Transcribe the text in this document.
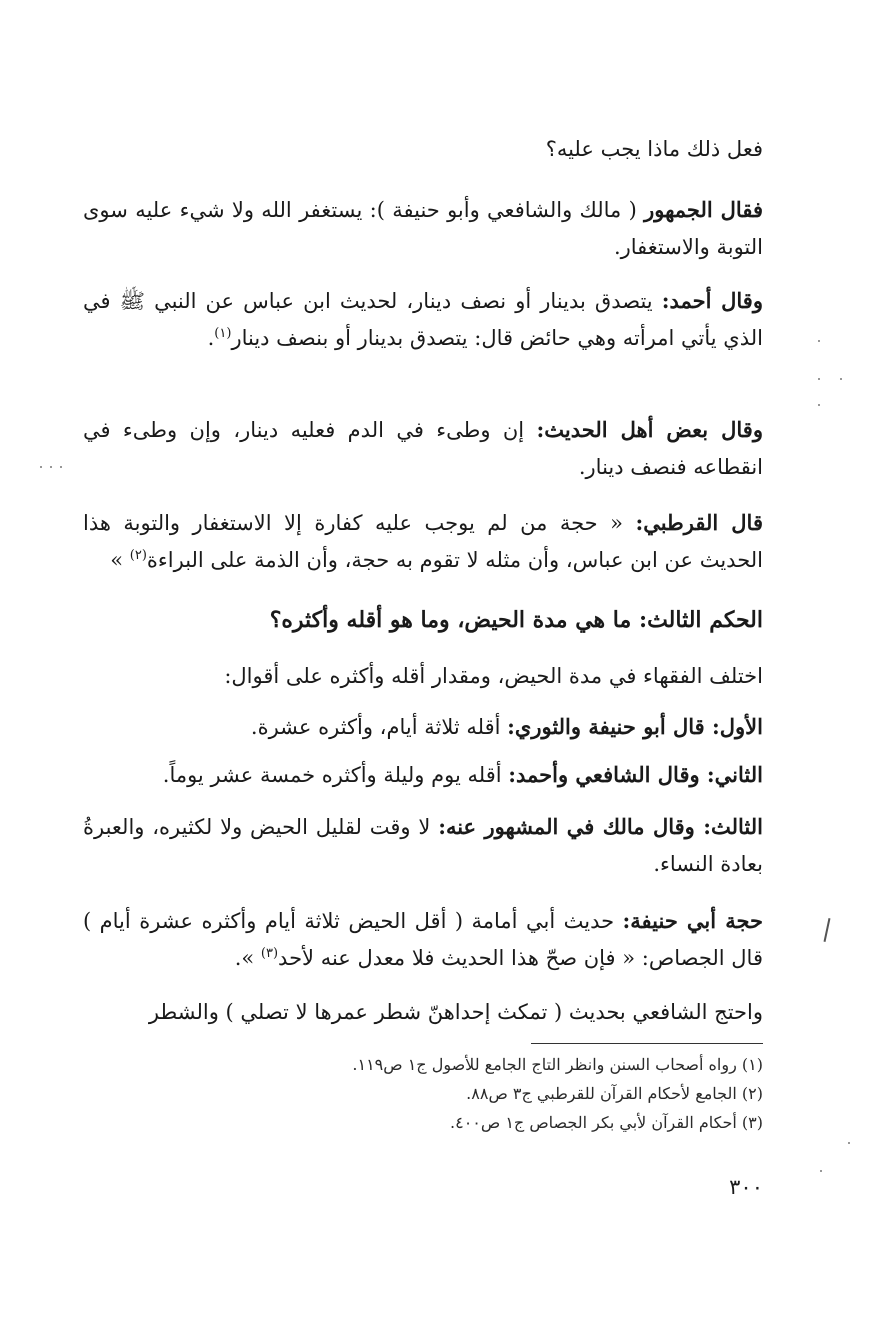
فعل ذلك ماذا يجب عليه؟

فقال الجمهور ( مالك والشافعي وأبو حنيفة ): يستغفر الله ولا شيء عليه سوى التوبة والاستغفار.

وقال أحمد: يتصدق بدينار أو نصف دينار، لحديث ابن عباس عن النبي ﷺ في الذي يأتي امرأته وهي حائض قال: يتصدق بدينار أو بنصف دينار$^{(١)}$.

وقال بعض أهل الحديث: إن وطىء في الدم فعليه دينار، وإن وطىء في انقطاعه فنصف دينار.

قال القرطبي: « حجة من لم يوجب عليه كفارة إلا الاستغفار والتوبة هذا الحديث عن ابن عباس، وأن مثله لا تقوم به حجة، وأن الذمة على البراءة$^{(٢)}$ »

الحكم الثالث: ما هي مدة الحيض، وما هو أقله وأكثره؟

اختلف الفقهاء في مدة الحيض، ومقدار أقله وأكثره على أقوال:

الأول: قال أبو حنيفة والثوري: أقله ثلاثة أيام، وأكثره عشرة.

الثاني: وقال الشافعي وأحمد: أقله يوم وليلة وأكثره خمسة عشر يوماً.

الثالث: وقال مالك في المشهور عنه: لا وقت لقليل الحيض ولا لكثيره، والعبرةُ بعادة النساء.

حجة أبي حنيفة: حديث أبي أمامة ( أقل الحيض ثلاثة أيام وأكثره عشرة أيام ) قال الجصاص: « فإن صحّ هذا الحديث فلا معدل عنه لأحد$^{(٣)}$ ».

واحتج الشافعي بحديث ( تمكث إحداهنّ شطر عمرها لا تصلي ) والشطر

(١) رواه أصحاب السنن وانظر التاج الجامع للأصول ج١ ص١١٩.
(٢) الجامع لأحكام القرآن للقرطبي ج٣ ص٨٨.
(٣) أحكام القرآن لأبي بكر الجصاص ج١ ص٤٠٠.
٣٠٠
